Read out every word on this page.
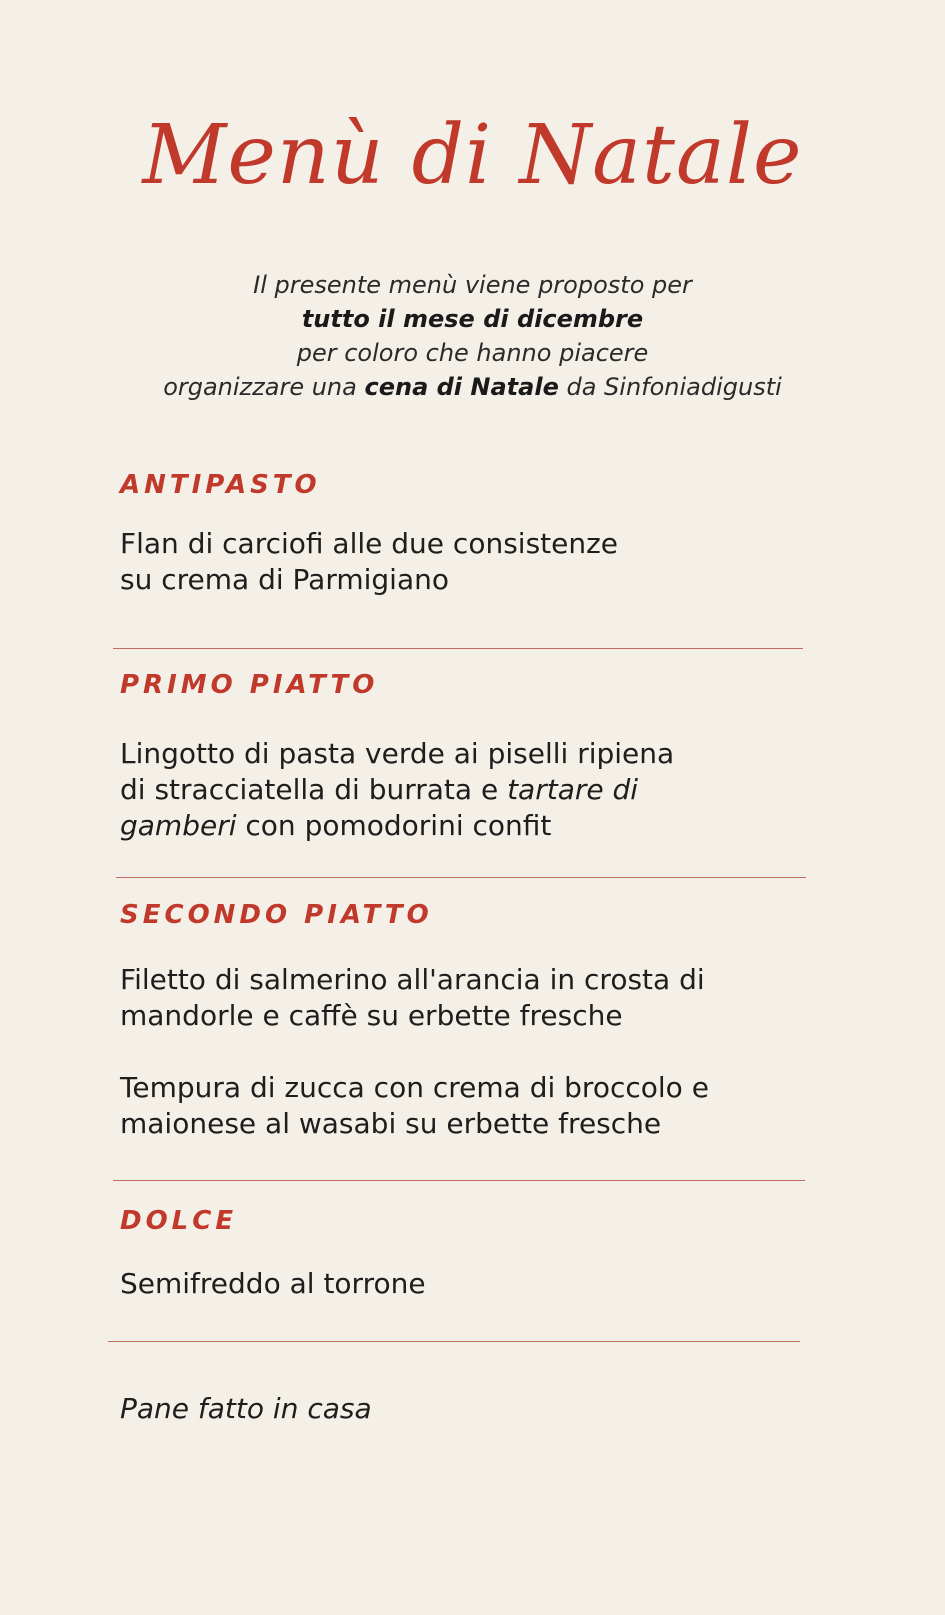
Menù di Natale
Il presente menù viene proposto per
tutto il mese di dicembre
per coloro che hanno piacere
organizzare una cena di Natale da Sinfoniadigusti
ANTIPASTO

Flan di carciofi alle due consistenze
su crema di Parmigiano

PRIMO PIATTO

Lingotto di pasta verde ai piselli ripiena
di stracciatella di burrata e tartare di
gamberi con pomodorini confit

SECONDO PIATTO

Filetto di salmerino all'arancia in crosta di
mandorle e caffè su erbette fresche

Tempura di zucca con crema di broccolo e
maionese al wasabi su erbette fresche

DOLCE

Semifreddo al torrone

Pane fatto in casa
